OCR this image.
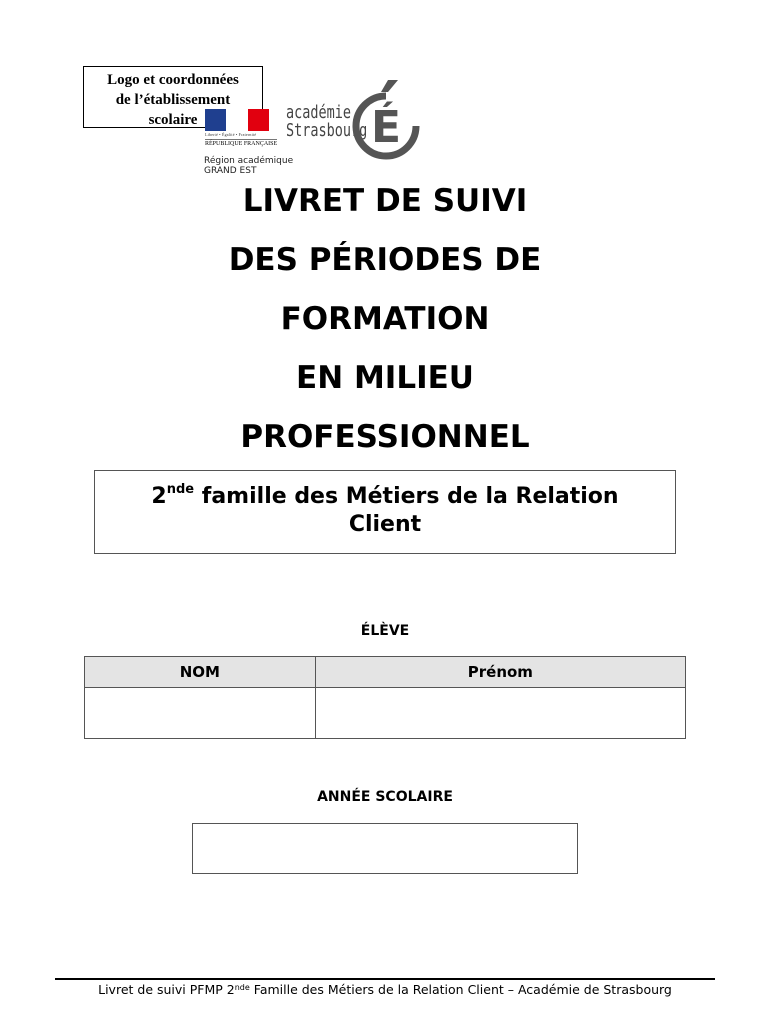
Logo et coordonnées
de l’établissement
scolaire
Liberté • Égalité • Fraternité
RÉPUBLIQUE FRANÇAISE
Région académique
GRAND EST
académie
Strasbourg É
LIVRET DE SUIVI
DES PÉRIODES DE
FORMATION
EN MILIEU
PROFESSIONNEL
2nde famille des Métiers de la Relation
Client
ÉLÈVE
NOM	Prénom

ANNÉE SCOLAIRE
Livret de suivi PFMP 2nde Famille des Métiers de la Relation Client – Académie de Strasbourg
